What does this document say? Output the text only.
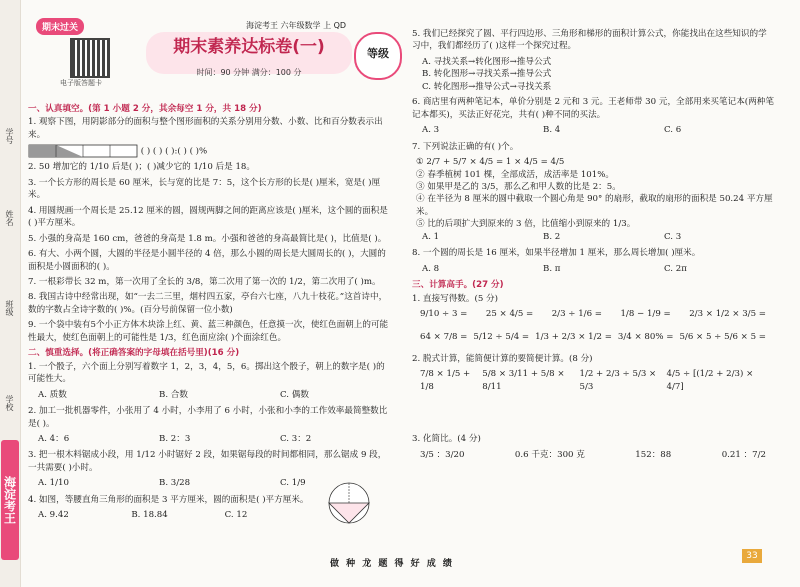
学号
姓名
班级
学校
海淀考王
期末过关	海淀考王 六年级数学 上 QD
电子版答题卡
期末素养达标卷(一)
时间：90 分钟 满分：100 分
等级
一、认真填空。(第 1 小题 2 分，其余每空 1 分，共 18 分)
1. 观察下图，用阴影部分的面积与整个图形面积的关系分别用分数、小数、比和百分数表示出来。
( ) ( ) ( ):( ) ( )%
2. 50 增加它的 1/10 后是( )；( )减少它的 1/10 后是 18。
3. 一个长方形的周长是 60 厘米，长与宽的比是 7：5，这个长方形的长是( )厘米，宽是( )厘米。
4. 用圆规画一个周长是 25.12 厘米的圆，圆规两脚之间的距离应该是( )厘米，这个圆的面积是( )平方厘米。
5. 小强的身高是 160 cm，爸爸的身高是 1.8 m。小强和爸爸的身高最简比是( )，比值是( )。
6. 有大、小两个圆，大圆的半径是小圆半径的 4 倍，那么小圆的周长是大圆周长的( )，大圆的面积是小圆面积的( )。
7. 一根彩带长 32 m，第一次用了全长的 3/8，第二次用了第一次的 1/2，第二次用了( )m。
8. 我国古诗中经常出现，如“一去二三里，烟村四五家，亭台六七座，八九十枝花。”这首诗中，数的字数占全诗字数的( )%。(百分号前保留一位小数)
9. 一个袋中装有5个小正方体木块涂上红、黄、蓝三种颜色，任意摸一次，使红色面朝上的可能性最大，使红色面朝上的可能性是 1/3，红色面应涂( )个面涂红色。
二、慎重选择。(将正确答案的字母填在括号里)(16 分)
1. 一个骰子，六个面上分别写着数字 1，2，3，4，5，6。掷出这个骰子，朝上的数字是( )的可能性大。
A. 质数	B. 合数	C. 偶数
2. 加工一批机器零件，小张用了 4 小时，小李用了 6 小时，小张和小李的工作效率最简整数比是( )。
A. 4：6	B. 2：3	C. 3：2
3. 把一根木料锯成小段，用 1/12 小时锯好 2 段，如果锯每段的时间都相同，那么锯成 9 段，一共需要( )小时。
A. 1/10	B. 3/28	C. 1/9
4. 如图，等腰直角三角形的面积是 3 平方厘米，圆的面积是( )平方厘米。
A. 9.42	B. 18.84	C. 12
5. 我们已经探究了圆、平行四边形、三角形和梯形的面积计算公式，你能找出在这些知识的学习中，我们都经历了( )这样一个探究过程。
A. 寻找关系→转化图形→推导公式
B. 转化图形→寻找关系→推导公式
C. 转化图形→推导公式→寻找关系
6. 商店里有两种笔记本，单价分别是 2 元和 3 元。王老师带 30 元，全部用来买笔记本(两种笔记本都买)，买法正好花完，共有( )种不同的买法。
A. 3	B. 4	C. 6
7. 下列说法正确的有( )个。
① 2/7 + 5/7 × 4/5 = 1 × 4/5 = 4/5
② 春季植树 101 棵，全部成活，成活率是 101%。
③ 如果甲是乙的 3/5，那么乙和甲人数的比是 2：5。
④ 在半径为 8 厘米的圆中截取一个圆心角是 90° 的扇形，截取的扇形的面积是 50.24 平方厘米。
⑤ 比的后项扩大到原来的 3 倍，比值缩小到原来的 1/3。
A. 1	B. 2	C. 3
8. 一个圆的周长是 16 厘米，如果半径增加 1 厘米，那么周长增加( )厘米。
A. 8	B. π	C. 2π
三、计算高手。(27 分)
1. 直接写得数。(5 分)
9/10 ÷ 3 = 25 × 4/5 = 2/3 ÷ 1/6 = 1/8 − 1/9 = 2/3 × 1/2 × 3/5 =
64 × 7/8 = 5/12 ÷ 5/4 = 1/3 + 2/3 × 1/2 = 3/4 × 80% = 5/6 × 5 ÷ 5/6 × 5 =
2. 脱式计算，能简便计算的要简便计算。(8 分)
7/8 × 1/5 + 1/8
5/8 × 3/11 + 5/8 × 8/11
1/2 + 2/3 ÷ 5/3 × 5/3
4/5 ÷ [(1/2 + 2/3) × 4/7]
3. 化简比。(4 分)
3/5 ：3/20	0.6 千克：300 克	152：88	0.21 ：7/2
做 种 龙 题 得 好 成 绩
33
